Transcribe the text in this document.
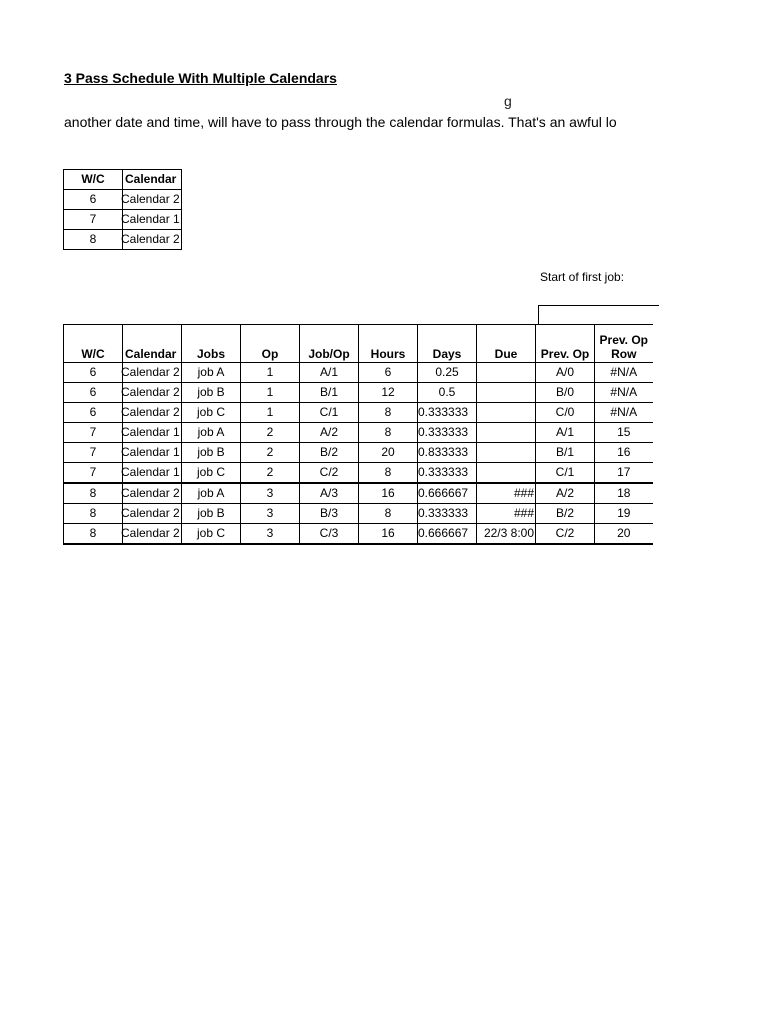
3 Pass Schedule With Multiple Calendars
g
another date and time, will have to pass through the calendar formulas. That's an awful lo
W/C	Calendar
6	Calendar 2
7	Calendar 1
8	Calendar 2
Start of first job:
W/C	Calendar	Jobs	Op	Job/Op	Hours	Days	Due	Prev. Op	Prev. Op Row
6	Calendar 2	job A	1	A/1	6	0.25		A/0	#N/A
6	Calendar 2	job B	1	B/1	12	0.5		B/0	#N/A
6	Calendar 2	job C	1	C/1	8	0.333333		C/0	#N/A
7	Calendar 1	job A	2	A/2	8	0.333333		A/1	15
7	Calendar 1	job B	2	B/2	20	0.833333		B/1	16
7	Calendar 1	job C	2	C/2	8	0.333333		C/1	17
8	Calendar 2	job A	3	A/3	16	0.666667	###	A/2	18
8	Calendar 2	job B	3	B/3	8	0.333333	###	B/2	19
8	Calendar 2	job C	3	C/3	16	0.666667	22/3 8:00	C/2	20
